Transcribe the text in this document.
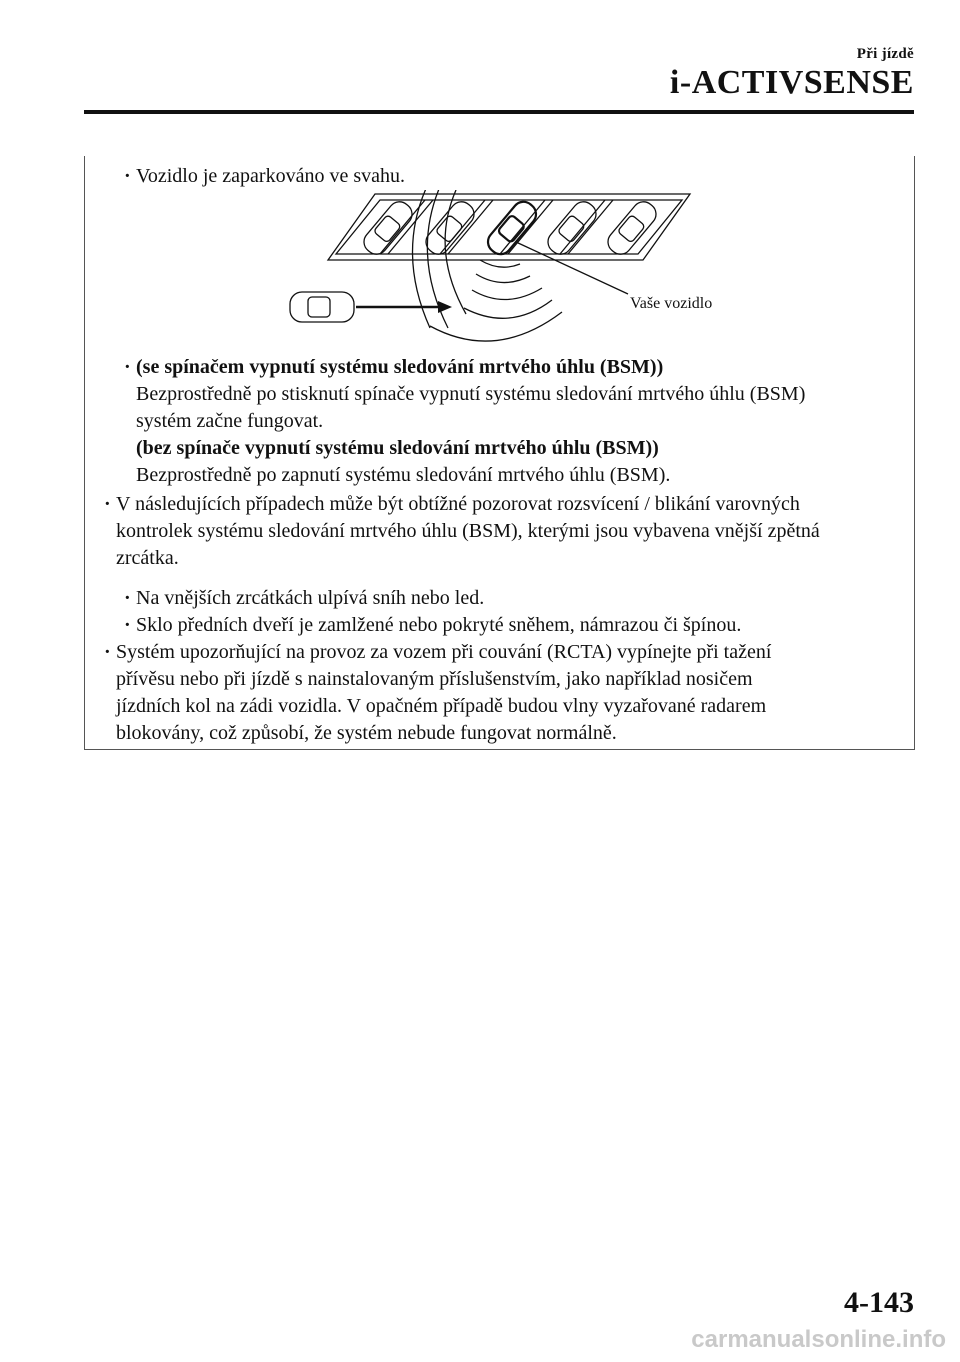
Při jízdě
i-ACTIVSENSE
· Vozidlo je zaparkováno ve svahu.
Vaše vozidlo
· (se spínačem vypnutí systému sledování mrtvého úhlu (BSM))
Bezprostředně po stisknutí spínače vypnutí systému sledování mrtvého úhlu (BSM)
systém začne fungovat.
(bez spínače vypnutí systému sledování mrtvého úhlu (BSM))
Bezprostředně po zapnutí systému sledování mrtvého úhlu (BSM).
· V následujících případech může být obtížné pozorovat rozsvícení / blikání varovných
kontrolek systému sledování mrtvého úhlu (BSM), kterými jsou vybavena vnější zpětná
zrcátka.
· Na vnějších zrcátkách ulpívá sníh nebo led.
· Sklo předních dveří je zamlžené nebo pokryté sněhem, námrazou či špínou.
· Systém upozorňující na provoz za vozem při couvání (RCTA) vypínejte při tažení
přívěsu nebo při jízdě s nainstalovaným příslušenstvím, jako například nosičem
jízdních kol na zádi vozidla. V opačném případě budou vlny vyzařované radarem
blokovány, což způsobí, že systém nebude fungovat normálně.
4-143
carmanualsonline.info
